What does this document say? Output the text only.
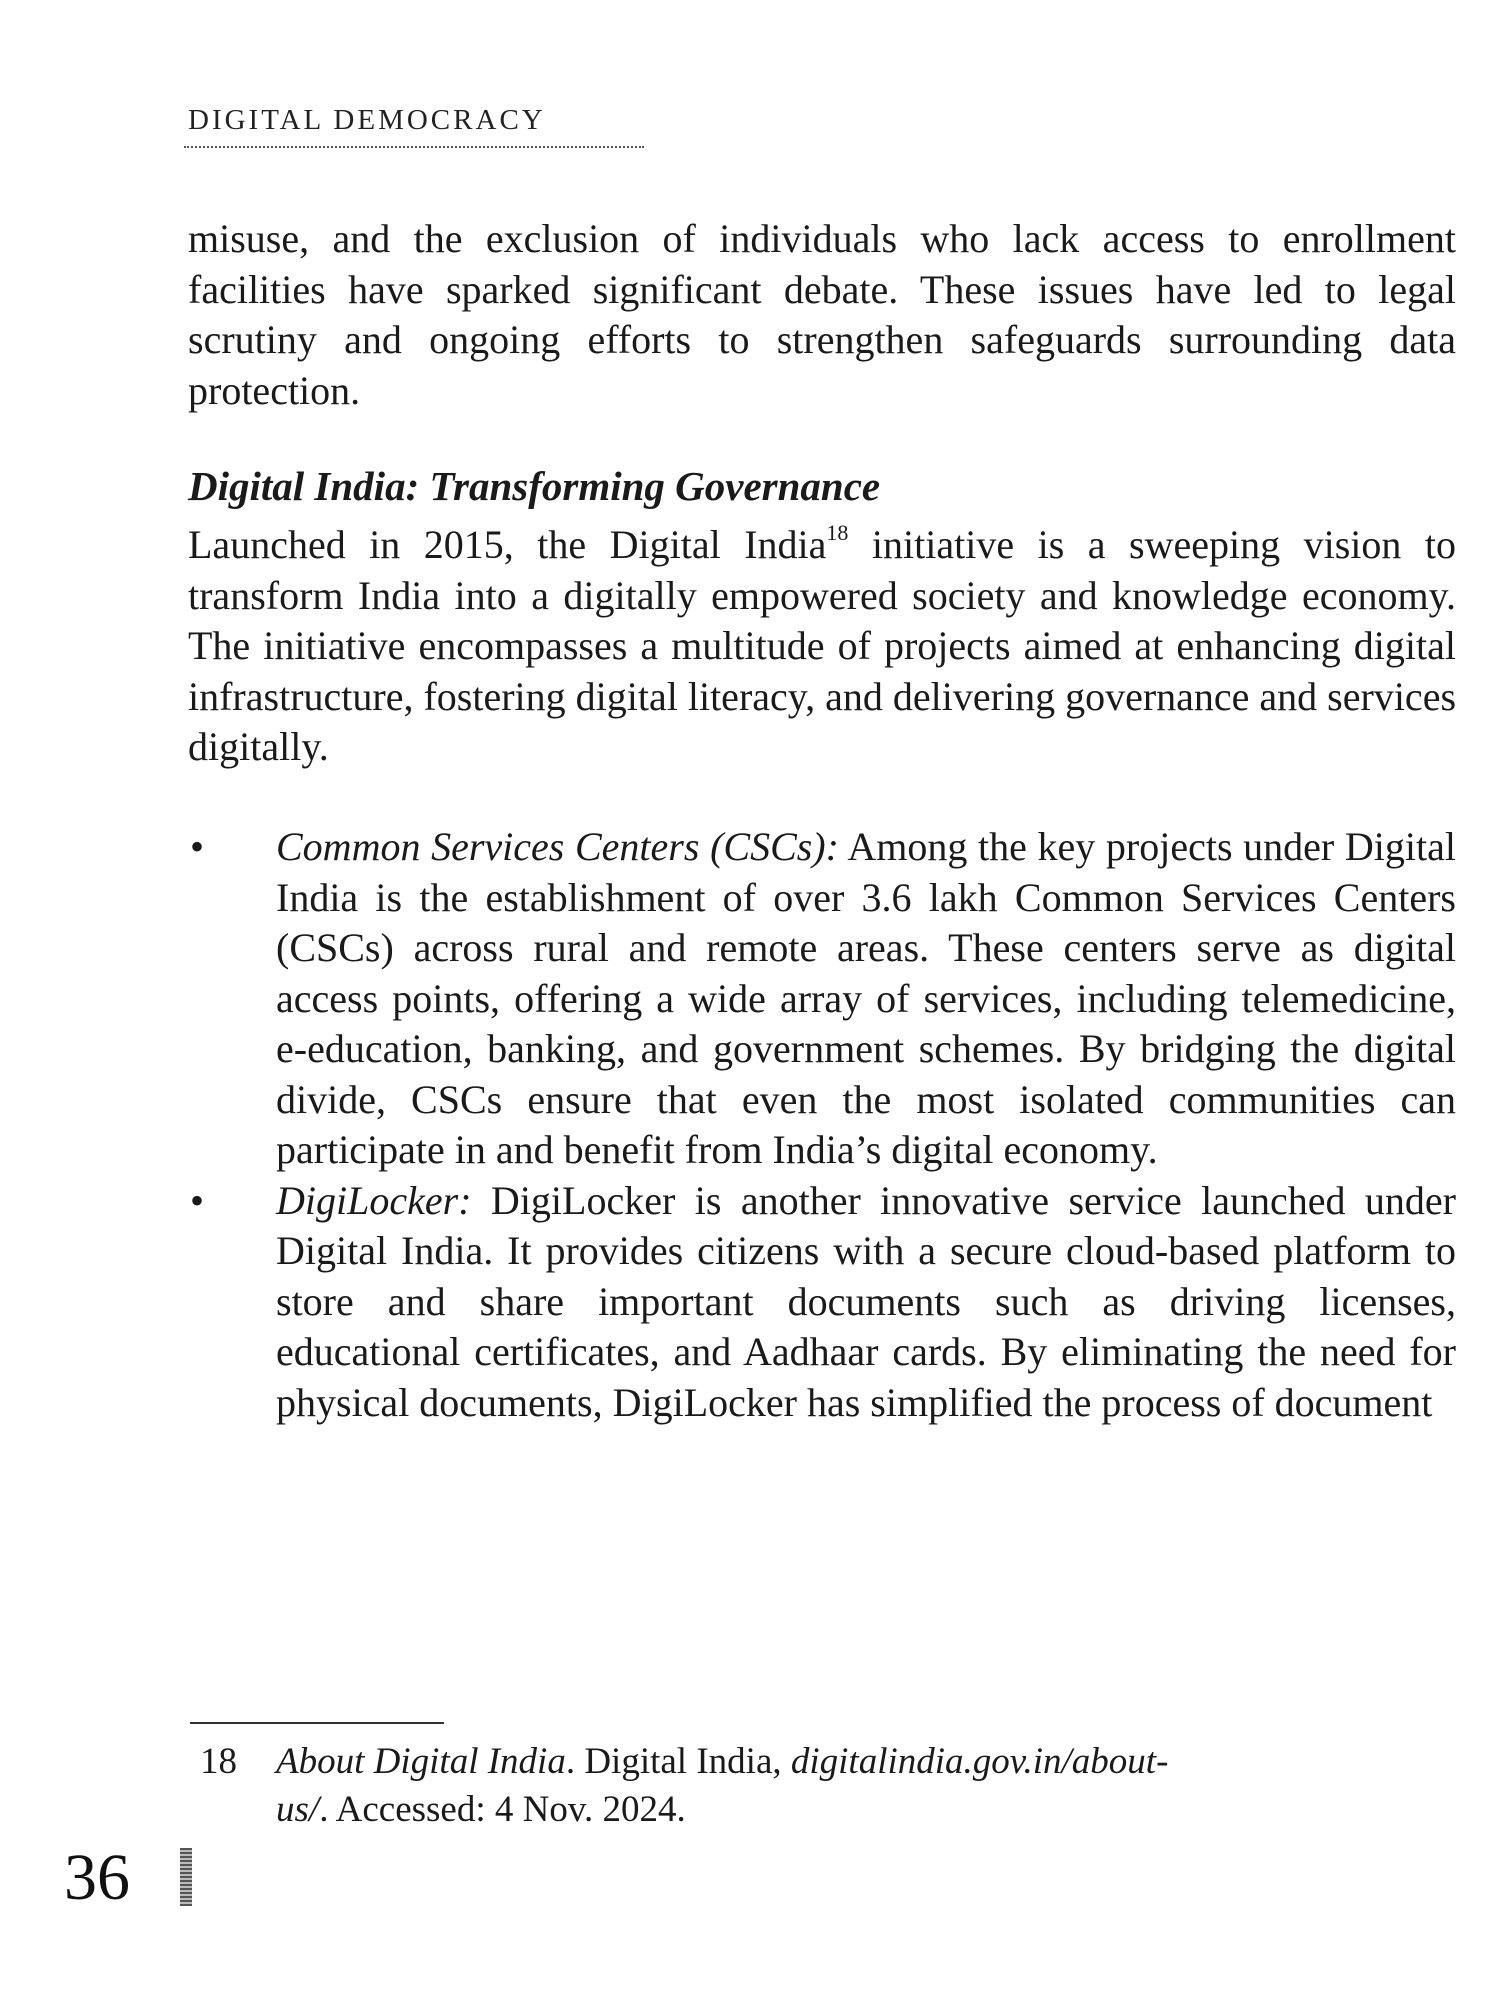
DIGITAL DEMOCRACY

misuse, and the exclusion of individuals who lack access to enrollment facilities have sparked significant debate. These issues have led to legal scrutiny and ongoing efforts to strengthen safeguards surrounding data protection.

Digital India: Transforming Governance

Launched in 2015, the Digital India$^{18}$ initiative is a sweeping vision to transform India into a digitally empowered society and knowledge economy. The initiative encompasses a multitude of projects aimed at enhancing digital infrastructure, fostering digital literacy, and delivering governance and services digitally.

• Common Services Centers (CSCs): Among the key projects under Digital India is the establishment of over 3.6 lakh Common Services Centers (CSCs) across rural and remote areas. These centers serve as digital access points, offering a wide array of services, including telemedicine, e-education, banking, and government schemes. By bridging the digital divide, CSCs ensure that even the most isolated communities can participate in and benefit from India’s digital economy.
• DigiLocker: DigiLocker is another innovative service launched under Digital India. It provides citizens with a secure cloud-based platform to store and share important documents such as driving licenses, educational certificates, and Aadhaar cards. By eliminating the need for physical documents, DigiLocker has simplified the process of document
18 About Digital India. Digital India, digitalindia.gov.in/about-
us/. Accessed: 4 Nov. 2024.
36
